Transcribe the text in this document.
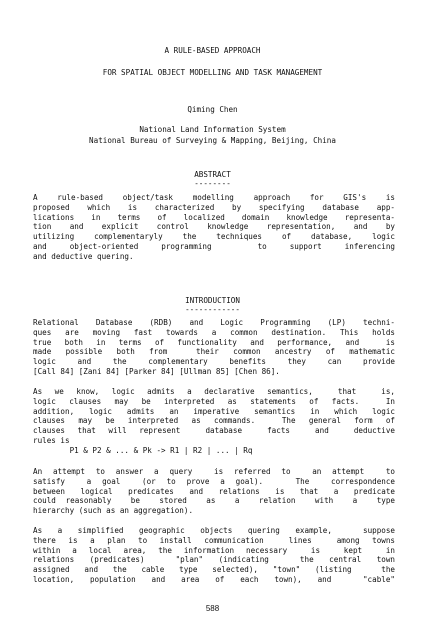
A RULE-BASED APPROACH
FOR SPATIAL OBJECT MODELLING AND TASK MANAGEMENT
Qiming Chen
National Land Information System
National Bureau of Surveying & Mapping, Beijing, China
ABSTRACT
--------
A rule-based object/task modelling approach for GIS's is
proposed which is characterized by specifying database app-
lications in terms of localized domain knowledge representa-
tion and explicit control knowledge representation, and by
utilizing complementaryly the techniques of database, logic
and object-oriented programming  to support inferencing
and deductive quering.
INTRODUCTION
------------
Relational Database (RDB) and Logic Programming (LP) techni-
ques are moving fast towards a common destination. This holds
true both in terms of functionality and performance, and  is
made possible both from  their common ancestry of mathematic
logic  and  the  complementary  benefits  they  can  provide
[Call 84] [Zani 84] [Parker 84] [Ullman 85] [Chen 86].
As we know, logic admits a declarative semantics,  that  is,
logic clauses may be interpreted as statements of facts.  In
addition, logic admits an imperative semantics in which logic
clauses may be interpreted as commands.  The general form of
clauses that will represent  database  facts  and  deductive
rules is
P1 & P2 & ... & Pk -> R1 | R2 | ... | Rq
An attempt to answer a query  is referred to  an attempt  to
satisfy  a goal  (or to prove a goal).   The  correspondence
between logical predicates and relations is that a predicate
could reasonably  be  stored  as  a  relation  with  a  type
hierarchy (such as an aggregation).
As a simplified geographic objects quering example,  suppose
there is a plan to install communication  lines  among towns
within a local area, the information necessary  is  kept  in
relations (predicates)  "plan" (indicating  the central town
assigned and the cable type selected), "town" (listing  the
location, population and area of each town), and  "cable"
588
